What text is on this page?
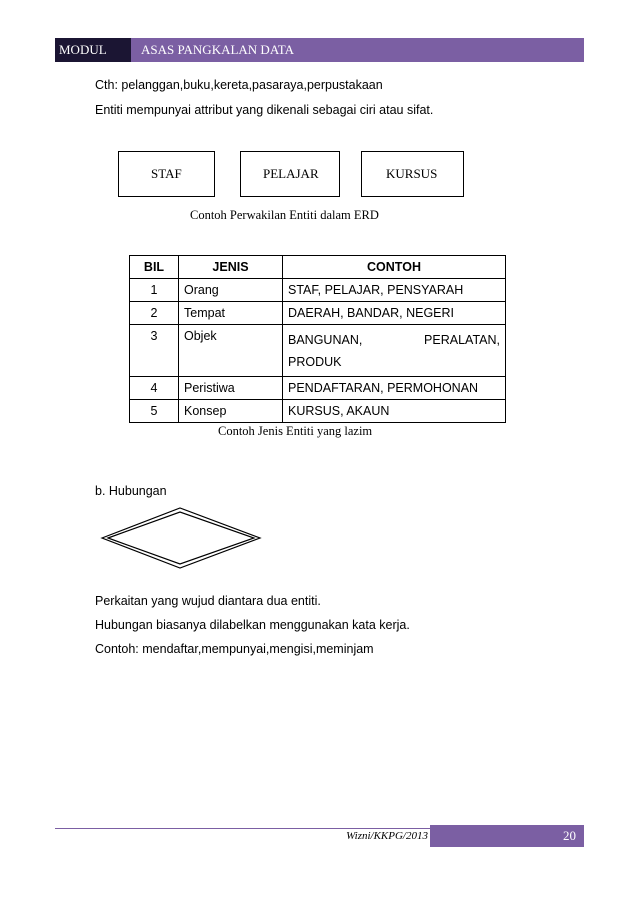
MODUL	ASAS PANGKALAN DATA
Cth: pelanggan,buku,kereta,pasaraya,perpustakaan
Entiti mempunyai attribut yang dikenali sebagai ciri atau sifat.
STAF	PELAJAR	KURSUS
Contoh Perwakilan Entiti dalam ERD
BIL	JENIS	CONTOH
1	Orang	STAF, PELAJAR, PENSYARAH
2	Tempat	DAERAH, BANDAR, NEGERI
3	Objek	BANGUNAN, PERALATAN,
PRODUK

4	Peristiwa	PENDAFTARAN, PERMOHONAN
5	Konsep	KURSUS, AKAUN
Contoh Jenis Entiti yang lazim
b. Hubungan
Perkaitan yang wujud diantara dua entiti.
Hubungan biasanya dilabelkan menggunakan kata kerja.
Contoh: mendaftar,mempunyai,mengisi,meminjam
Wizni/KKPG/2013	20
